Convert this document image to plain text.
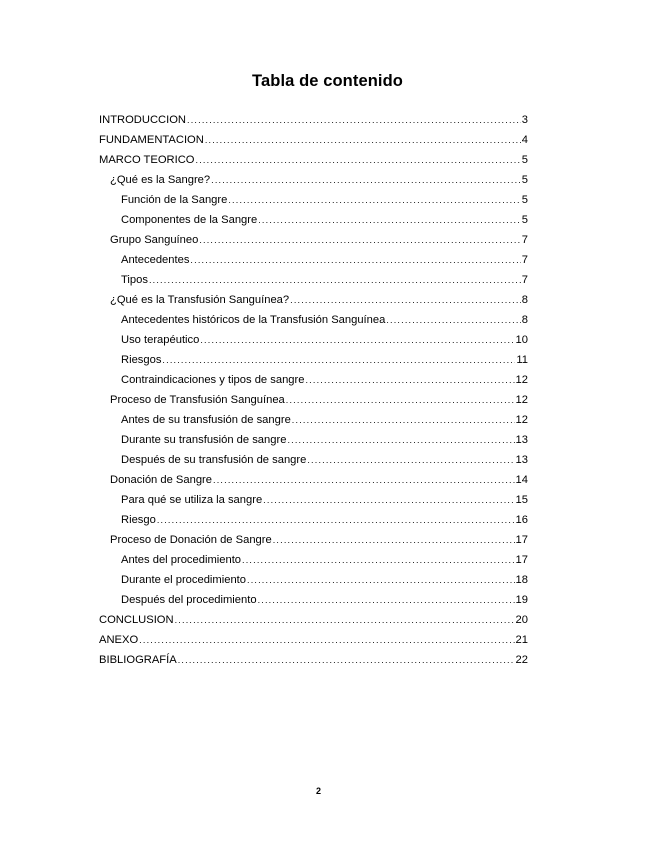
Tabla de contenido
INTRODUCCION .....	3
FUNDAMENTACION .....	4
MARCO TEORICO .....	5
¿Qué es la Sangre? .....	5
Función de la Sangre .....	5
Componentes de la Sangre .....	5
Grupo Sanguíneo .....	7
Antecedentes .....	7
Tipos .....	7
¿Qué es la Transfusión Sanguínea? .....	8
Antecedentes históricos de la Transfusión Sanguínea .....	8
Uso terapéutico .....	10
Riesgos .....	11
Contraindicaciones y tipos de sangre .....	12
Proceso de Transfusión Sanguínea .....	12
Antes de su transfusión de sangre .....	12
Durante su transfusión de sangre .....	13
Después de su transfusión de sangre .....	13
Donación de Sangre .....	14
Para qué se utiliza la sangre .....	15
Riesgo .....	16
Proceso de Donación de Sangre .....	17
Antes del procedimiento .....	17
Durante el procedimiento .....	18
Después del procedimiento .....	19
CONCLUSION .....	20
ANEXO .....	21
BIBLIOGRAFÍA .....	22
2
